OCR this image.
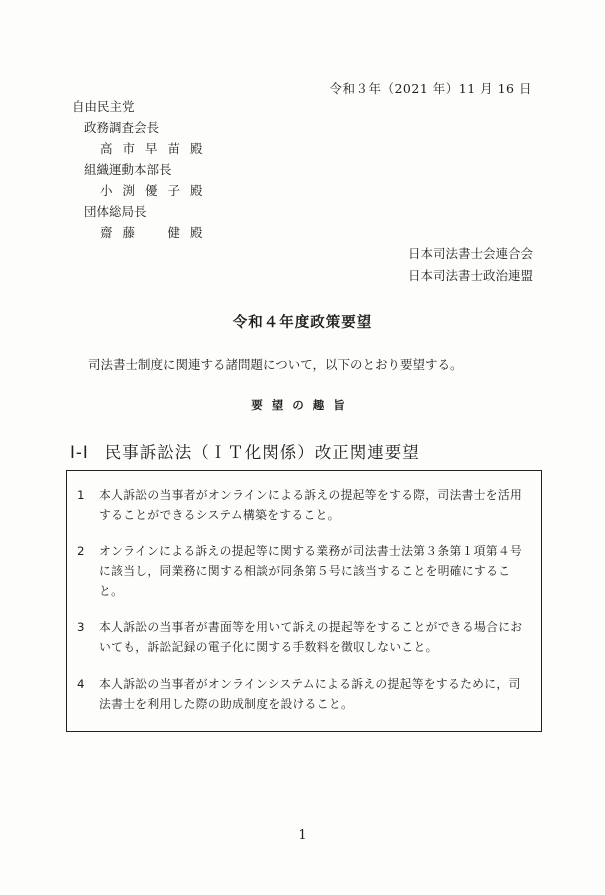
令和３年（2021 年）11 月 16 日
自由民主党
政務調査会長
高市早苗殿
組織運動本部長
小渕優子殿
団体総局長
齋藤　健殿
日本司法書士会連合会
日本司法書士政治連盟
令和４年度政策要望
司法書士制度に関連する諸問題について，以下のとおり要望する。
要望の趣旨
Ⅰ-Ⅰ 民事訴訟法（ＩＴ化関係）改正関連要望
1 本人訴訟の当事者がオンラインによる訴えの提起等をする際，司法書士を活用することができるシステム構築をすること。
2 オンラインによる訴えの提起等に関する業務が司法書士法第３条第１項第４号に該当し，同業務に関する相談が同条第５号に該当することを明確にすること。
3 本人訴訟の当事者が書面等を用いて訴えの提起等をすることができる場合においても，訴訟記録の電子化に関する手数料を徴収しないこと。
4 本人訴訟の当事者がオンラインシステムによる訴えの提起等をするために，司法書士を利用した際の助成制度を設けること。
1
